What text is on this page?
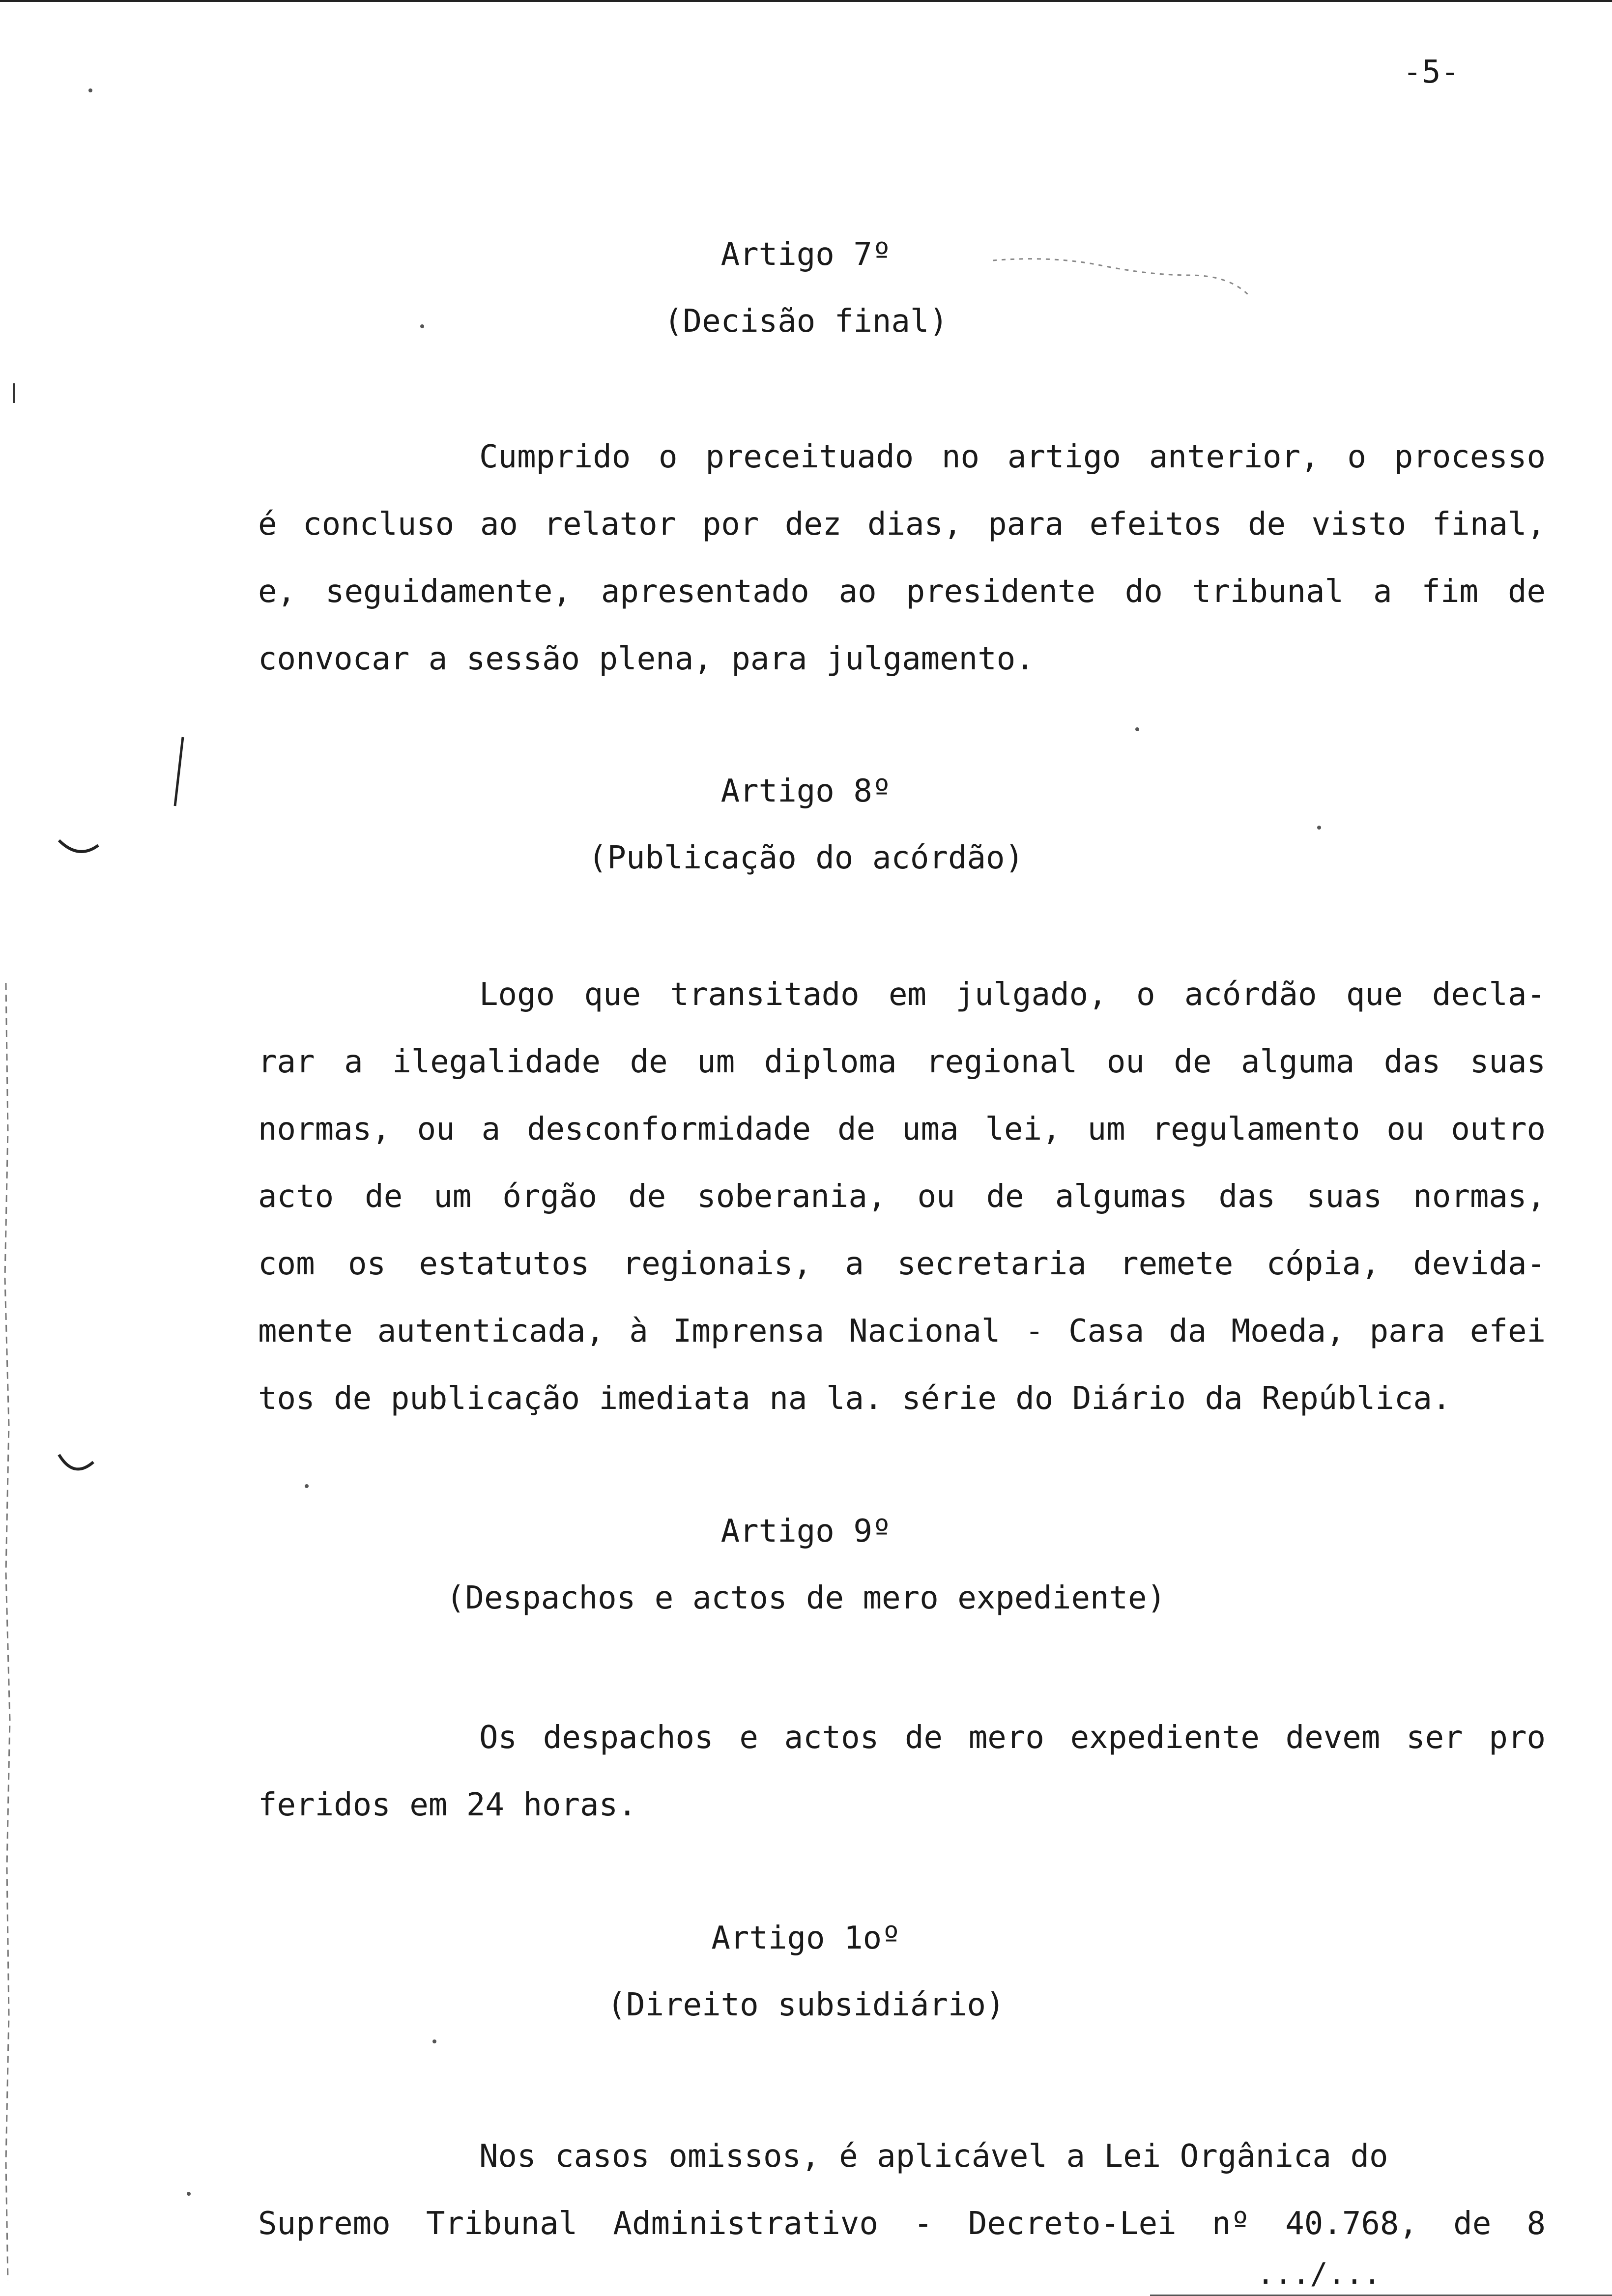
-5-
Artigo 7º
(Decisão final)
Cumprido o preceituado no artigo anterior, o processo
é concluso ao relator por dez dias, para efeitos de visto final,
e, seguidamente, apresentado ao presidente do tribunal a fim de
convocar a sessão plena, para julgamento.
Artigo 8º
(Publicação do acórdão)
Logo que transitado em julgado, o acórdão que decla-
rar a ilegalidade de um diploma regional ou de alguma das suas
normas, ou a desconformidade de uma lei, um regulamento ou outro
acto de um órgão de soberania, ou de algumas das suas normas,
com os estatutos regionais, a secretaria remete cópia, devida-
mente autenticada, à Imprensa Nacional - Casa da Moeda, para efei
tos de publicação imediata na la. série do Diário da República.
Artigo 9º
(Despachos e actos de mero expediente)
Os despachos e actos de mero expediente devem ser pro
feridos em 24 horas.
Artigo 1oº
(Direito subsidiário)
Nos casos omissos, é aplicável a Lei Orgânica do
Supremo Tribunal Administrativo - Decreto-Lei nº 40.768, de 8
.../...
